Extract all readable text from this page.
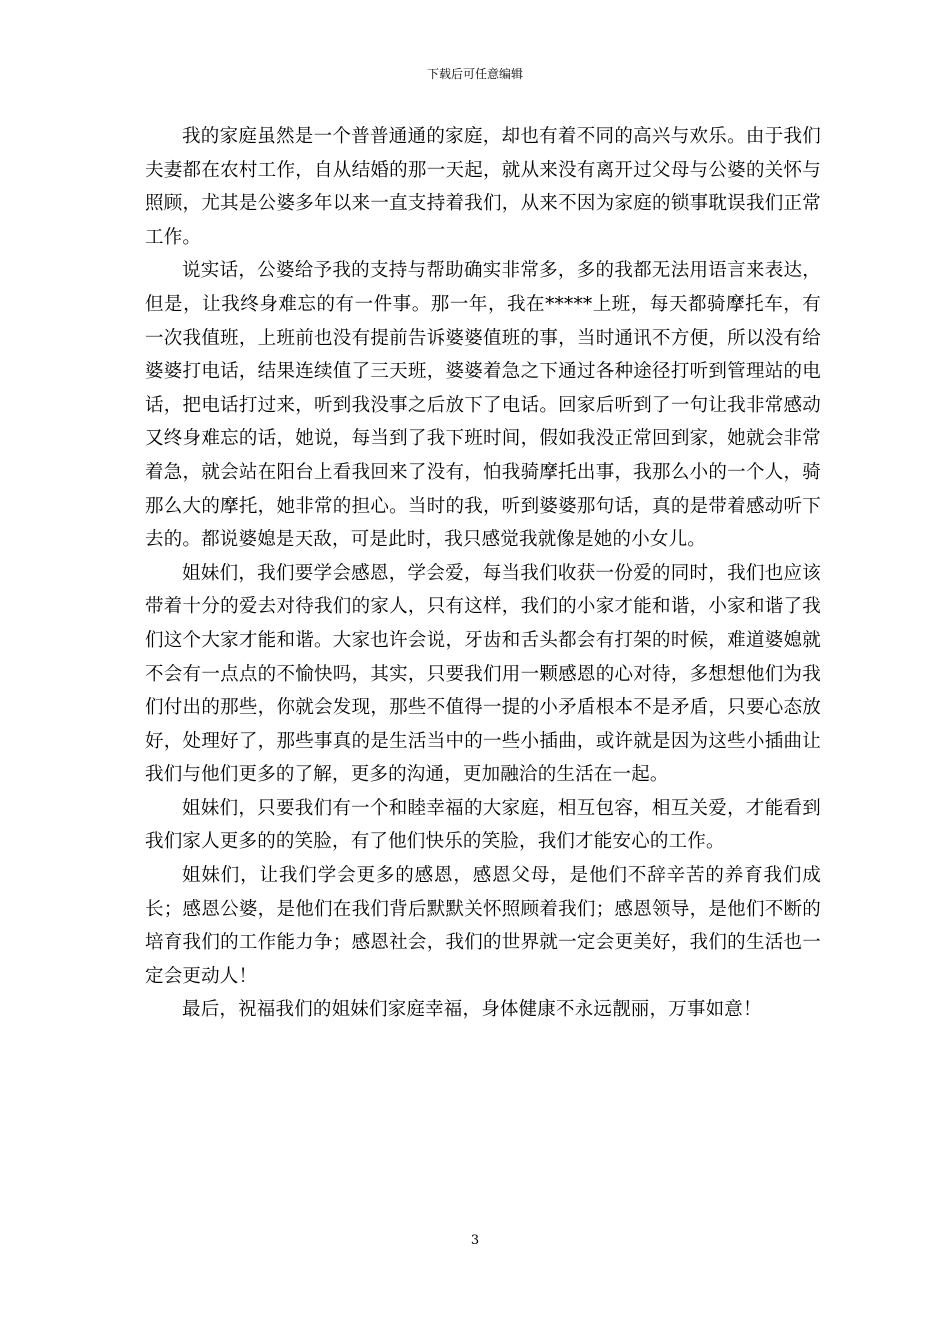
下载后可任意编辑

我的家庭虽然是一个普普通通的家庭，却也有着不同的高兴与欢乐。由于我们夫妻都在农村工作，自从结婚的那一天起，就从来没有离开过父母与公婆的关怀与照顾，尤其是公婆多年以来一直支持着我们，从来不因为家庭的锁事耽误我们正常工作。

说实话，公婆给予我的支持与帮助确实非常多，多的我都无法用语言来表达，但是，让我终身难忘的有一件事。那一年，我在*****上班，每天都骑摩托车，有一次我值班，上班前也没有提前告诉婆婆值班的事，当时通讯不方便，所以没有给婆婆打电话，结果连续值了三天班，婆婆着急之下通过各种途径打听到管理站的电话，把电话打过来，听到我没事之后放下了电话。回家后听到了一句让我非常感动又终身难忘的话，她说，每当到了我下班时间，假如我没正常回到家，她就会非常着急，就会站在阳台上看我回来了没有，怕我骑摩托出事，我那么小的一个人，骑那么大的摩托，她非常的担心。当时的我，听到婆婆那句话，真的是带着感动听下去的。都说婆媳是天敌，可是此时，我只感觉我就像是她的小女儿。

姐妹们，我们要学会感恩，学会爱，每当我们收获一份爱的同时，我们也应该带着十分的爱去对待我们的家人，只有这样，我们的小家才能和谐，小家和谐了我们这个大家才能和谐。大家也许会说，牙齿和舌头都会有打架的时候，难道婆媳就不会有一点点的不愉快吗，其实，只要我们用一颗感恩的心对待，多想想他们为我们付出的那些，你就会发现，那些不值得一提的小矛盾根本不是矛盾，只要心态放好，处理好了，那些事真的是生活当中的一些小插曲，或许就是因为这些小插曲让我们与他们更多的了解，更多的沟通，更加融洽的生活在一起。

姐妹们，只要我们有一个和睦幸福的大家庭，相互包容，相互关爱，才能看到我们家人更多的的笑脸，有了他们快乐的笑脸，我们才能安心的工作。

姐妹们，让我们学会更多的感恩，感恩父母，是他们不辞辛苦的养育我们成长；感恩公婆，是他们在我们背后默默关怀照顾着我们；感恩领导，是他们不断的培育我们的工作能力争；感恩社会，我们的世界就一定会更美好，我们的生活也一定会更动人！

最后，祝福我们的姐妹们家庭幸福，身体健康不永远靓丽，万事如意！

3
